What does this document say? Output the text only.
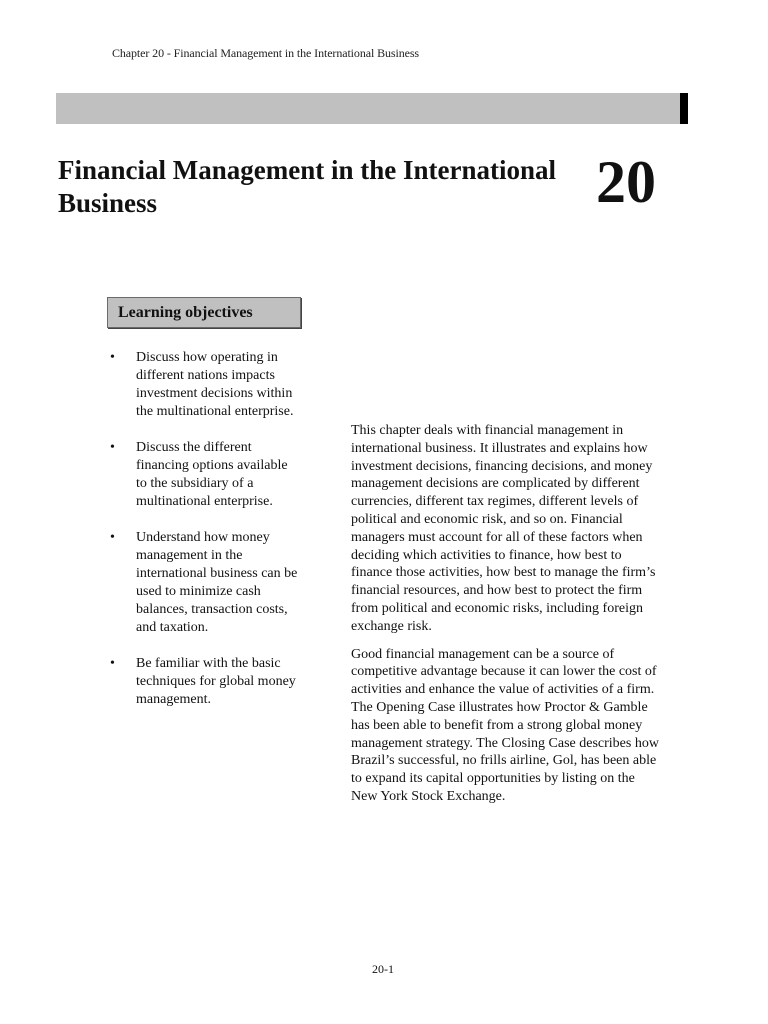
Chapter 20 - Financial Management in the International Business
Financial Management in the International Business	20
Learning objectives
• Discuss how operating in different nations impacts investment decisions within the multinational enterprise.
• Discuss the different financing options available to the subsidiary of a multinational enterprise.
• Understand how money management in the international business can be used to minimize cash balances, transaction costs, and taxation.
• Be familiar with the basic techniques for global money management.

This chapter deals with financial management in international business. It illustrates and explains how investment decisions, financing decisions, and money management decisions are complicated by different currencies, different tax regimes, different levels of political and economic risk, and so on. Financial managers must account for all of these factors when deciding which activities to finance, how best to finance those activities, how best to manage the firm’s financial resources, and how best to protect the firm from political and economic risks, including foreign exchange risk.

Good financial management can be a source of competitive advantage because it can lower the cost of activities and enhance the value of activities of a firm. The Opening Case illustrates how Proctor & Gamble has been able to benefit from a strong global money management strategy. The Closing Case describes how Brazil’s successful, no frills airline, Gol, has been able to expand its capital opportunities by listing on the New York Stock Exchange.

20-1
